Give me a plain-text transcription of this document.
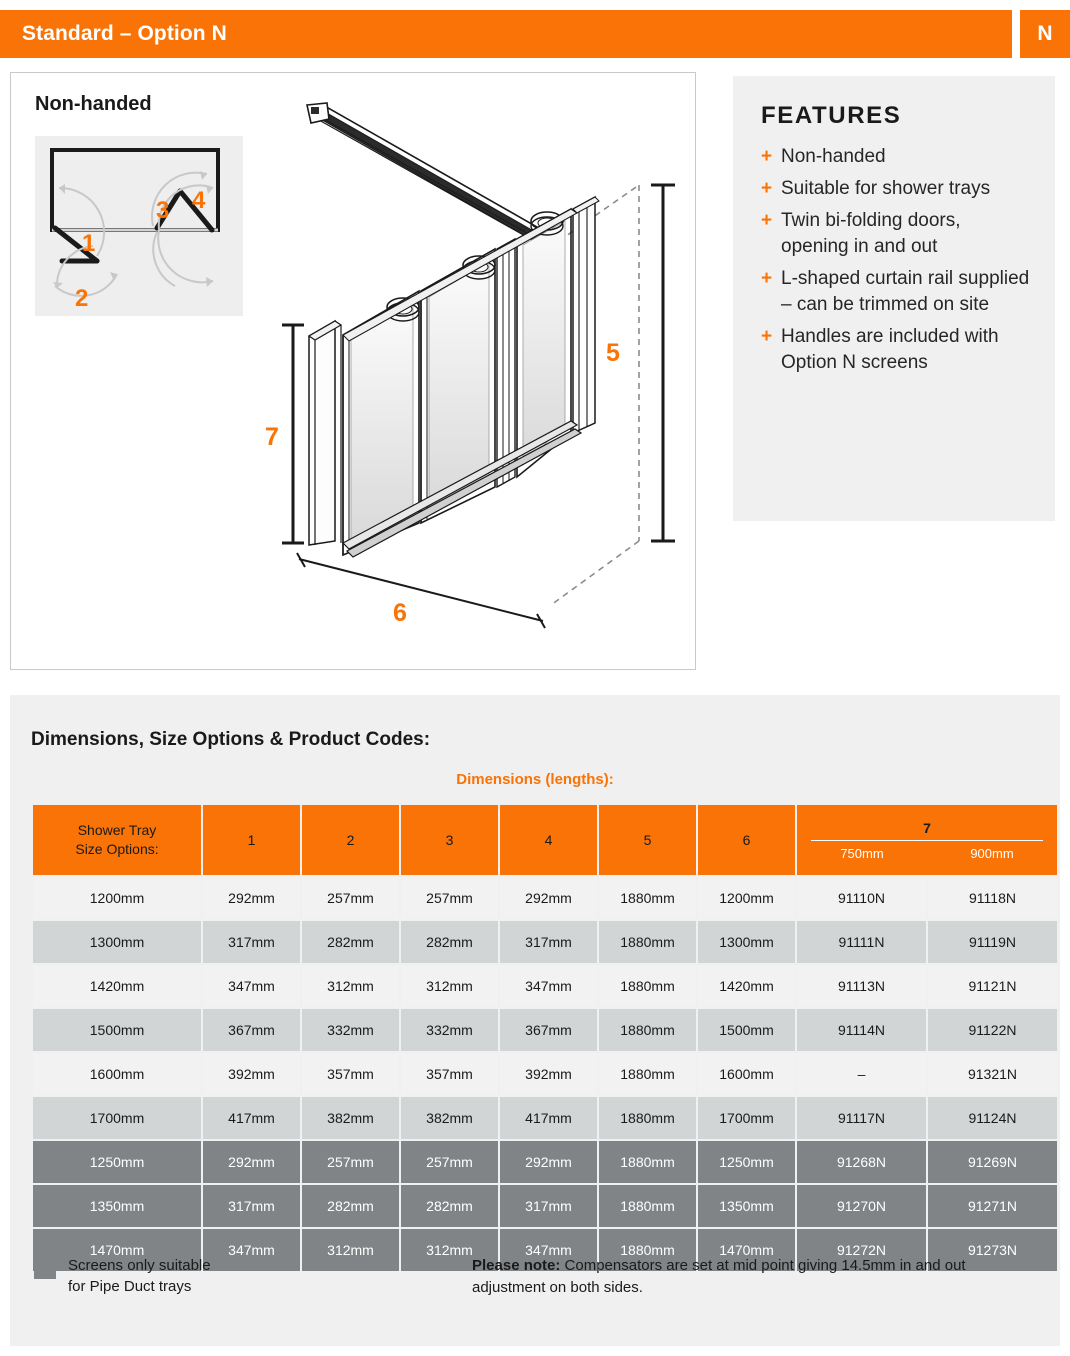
Standard – Option N	N
Non-handed
1
2
3 4
5
7
6
FEATURES
+ Non-handed
+ Suitable for shower trays
+ Twin bi-folding doors, opening in and out
+ L-shaped curtain rail supplied – can be trimmed on site
+ Handles are included with Option N screens
Dimensions, Size Options & Product Codes:
Dimensions (lengths):
Shower Tray
Size Options:
	1	2	3	4	5	6	
7
750mm	900mm

1200mm	292mm	257mm	257mm	292mm	1880mm	1200mm	91110N	91118N
1300mm	317mm	282mm	282mm	317mm	1880mm	1300mm	91111N	91119N
1420mm	347mm	312mm	312mm	347mm	1880mm	1420mm	91113N	91121N
1500mm	367mm	332mm	332mm	367mm	1880mm	1500mm	91114N	91122N
1600mm	392mm	357mm	357mm	392mm	1880mm	1600mm	–	91321N
1700mm	417mm	382mm	382mm	417mm	1880mm	1700mm	91117N	91124N
1250mm	292mm	257mm	257mm	292mm	1880mm	1250mm	91268N	91269N
1350mm	317mm	282mm	282mm	317mm	1880mm	1350mm	91270N	91271N
1470mm	347mm	312mm	312mm	347mm	1880mm	1470mm	91272N	91273N
Screens only suitable
for Pipe Duct trays
Please note: Compensators are set at mid point giving 14.5mm in and out adjustment on both sides.
